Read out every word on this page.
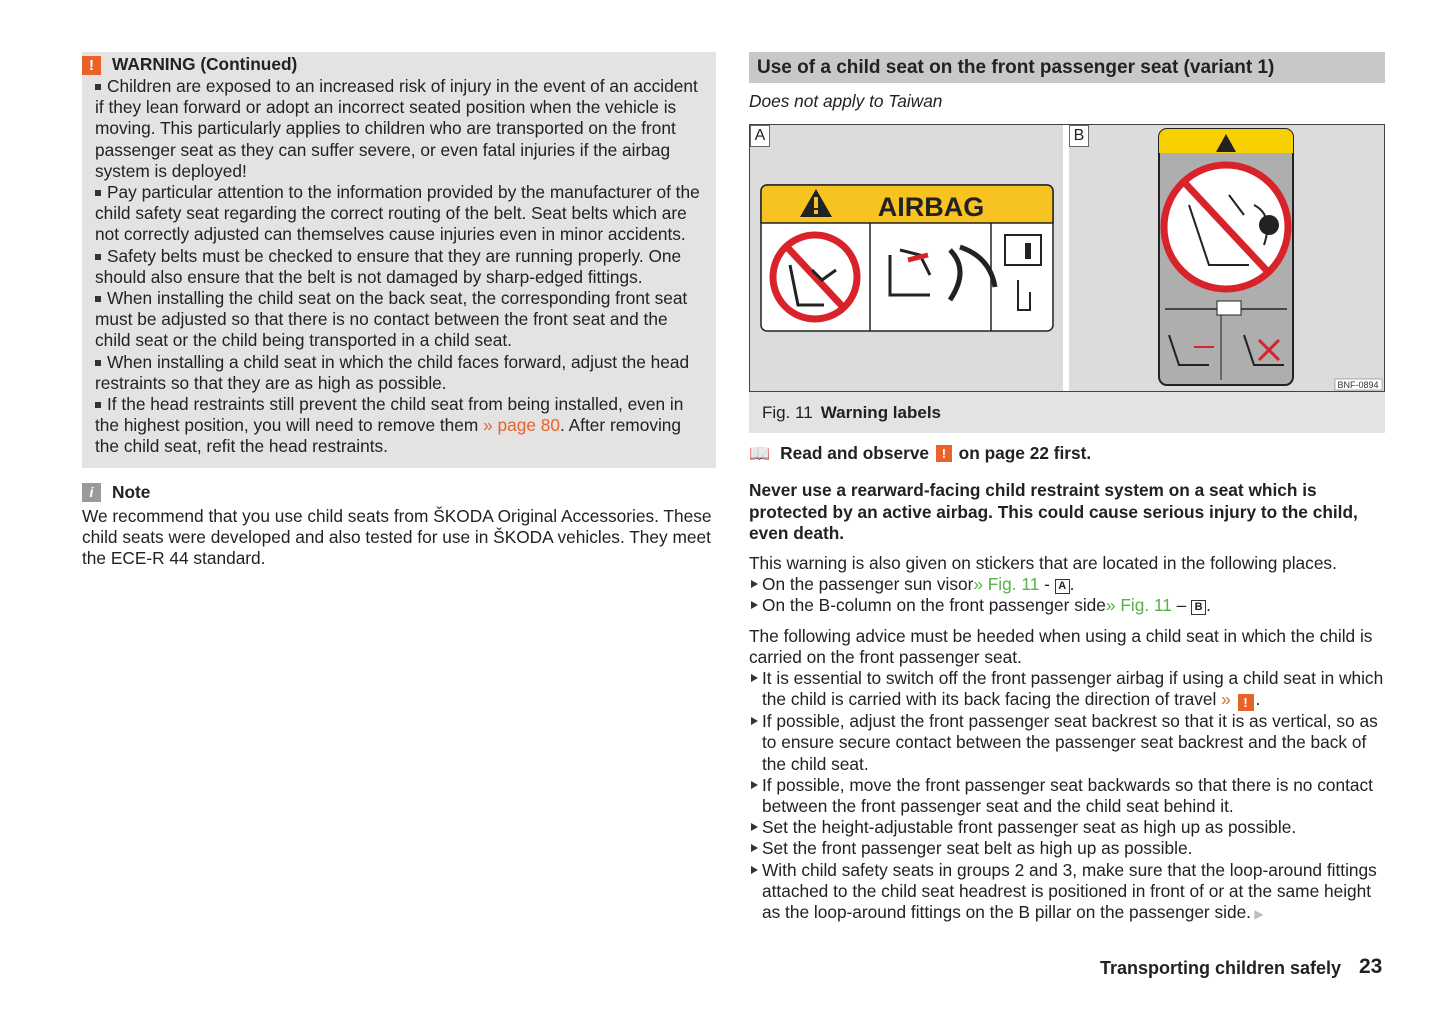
!	WARNING (Continued)

Children are exposed to an increased risk of injury in the event of an accident if they lean forward or adopt an incorrect seated position when the vehicle is moving. This particularly applies to children who are transported on the front passenger seat as they can suffer severe, or even fatal injuries if the airbag system is deployed!

Pay particular attention to the information provided by the manufacturer of the child safety seat regarding the correct routing of the belt. Seat belts which are not correctly adjusted can themselves cause injuries even in minor accidents.

Safety belts must be checked to ensure that they are running properly. One should also ensure that the belt is not damaged by sharp-edged fittings.

When installing the child seat on the back seat, the corresponding front seat must be adjusted so that there is no contact between the front seat and the child seat or the child being transported in a child seat.

When installing a child seat in which the child faces forward, adjust the head restraints so that they are as high as possible.

If the head restraints still prevent the child seat from being installed, even in the highest position, you will need to remove them » page 80. After removing the child seat, refit the head restraints.

i	Note

We recommend that you use child seats from ŠKODA Original Accessories. These child seats were developed and also tested for use in ŠKODA vehicles. They meet the ECE-R 44 standard.

Use of a child seat on the front passenger seat (variant 1)
Does not apply to Taiwan
A
AIRBAG
B
BNF-0894
Fig. 11 Warning labels
📖 Read and observe
!
on page 22 first.

Never use a rearward-facing child restraint system on a seat which is protected by an active airbag. This could cause serious injury to the child, even death.

This warning is also given on stickers that are located in the following places.

On the passenger sun visor» Fig. 11 - A .

On the B-column on the front passenger side» Fig. 11 – B .

The following advice must be heeded when using a child seat in which the child is carried on the front passenger seat.

It is essential to switch off the front passenger airbag if using a child seat in which the child is carried with its back facing the direction of travel » ! .

If possible, adjust the front passenger seat backrest so that it is as vertical, so as to ensure secure contact between the passenger seat backrest and the back of the child seat.

If possible, move the front passenger seat backwards so that there is no contact between the front passenger seat and the child seat behind it.

Set the height-adjustable front passenger seat as high up as possible.

Set the front passenger seat belt as high up as possible.

With child safety seats in groups 2 and 3, make sure that the loop-around fittings attached to the child seat headrest is positioned in front of or at the same height as the loop-around fittings on the B pillar on the passenger side. ▶

Transporting children safely 23
